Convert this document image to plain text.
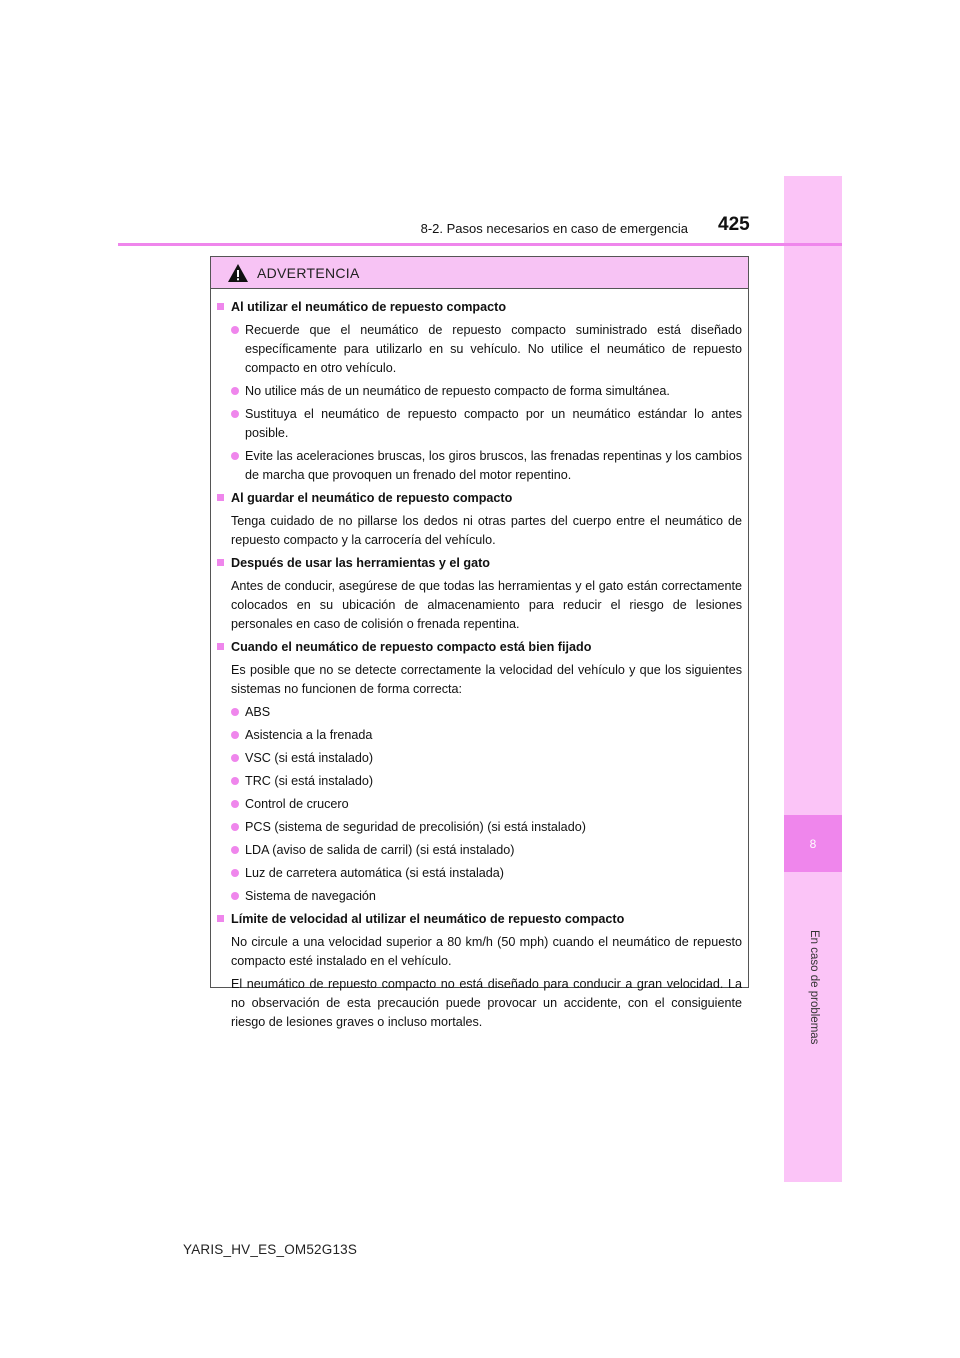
8
En caso de problemas
8-2. Pasos necesarios en caso de emergencia 425
ADVERTENCIA
Al utilizar el neumático de repuesto compacto
Recuerde que el neumático de repuesto compacto suministrado está diseñado específicamente para utilizarlo en su vehículo. No utilice el neumático de repuesto compacto en otro vehículo.
No utilice más de un neumático de repuesto compacto de forma simultánea.
Sustituya el neumático de repuesto compacto por un neumático estándar lo antes posible.
Evite las aceleraciones bruscas, los giros bruscos, las frenadas repentinas y los cambios de marcha que provoquen un frenado del motor repentino.
Al guardar el neumático de repuesto compacto
Tenga cuidado de no pillarse los dedos ni otras partes del cuerpo entre el neumático de repuesto compacto y la carrocería del vehículo.
Después de usar las herramientas y el gato
Antes de conducir, asegúrese de que todas las herramientas y el gato están correctamente colocados en su ubicación de almacenamiento para reducir el riesgo de lesiones personales en caso de colisión o frenada repentina.
Cuando el neumático de repuesto compacto está bien fijado
Es posible que no se detecte correctamente la velocidad del vehículo y que los siguientes sistemas no funcionen de forma correcta:
ABS
Asistencia a la frenada
VSC (si está instalado)
TRC (si está instalado)
Control de crucero
PCS (sistema de seguridad de precolisión) (si está instalado)
LDA (aviso de salida de carril) (si está instalado)
Luz de carretera automática (si está instalada)
Sistema de navegación
Límite de velocidad al utilizar el neumático de repuesto compacto
No circule a una velocidad superior a 80 km/h (50 mph) cuando el neumático de repuesto compacto esté instalado en el vehículo.
El neumático de repuesto compacto no está diseñado para conducir a gran velocidad. La no observación de esta precaución puede provocar un accidente, con el consiguiente riesgo de lesiones graves o incluso mortales.
YARIS_HV_ES_OM52G13S
